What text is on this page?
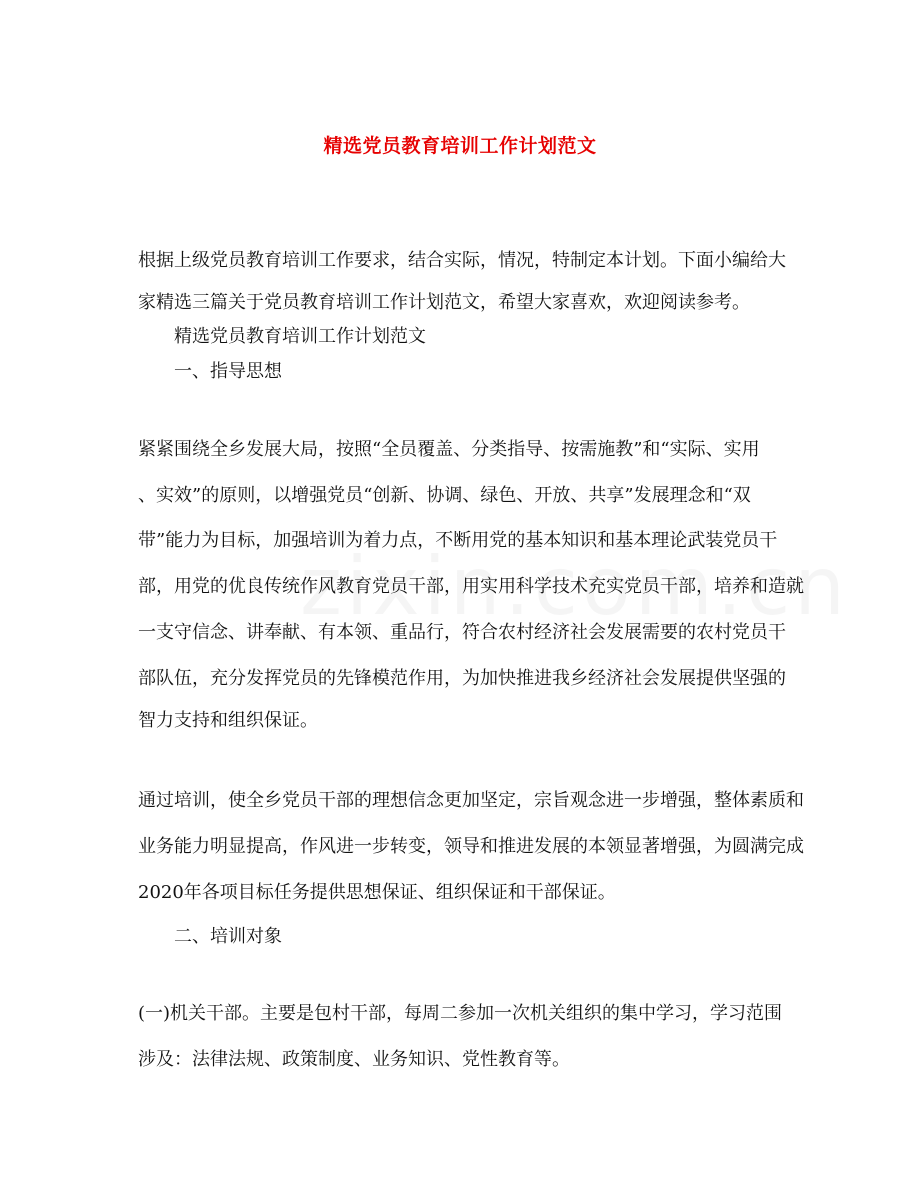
精选党员教育培训工作计划范文
根据上级党员教育培训工作要求，结合实际，情况，特制定本计划。下面小编给大
家精选三篇关于党员教育培训工作计划范文，希望大家喜欢，欢迎阅读参考。
精选党员教育培训工作计划范文
一、指导思想
紧紧围绕全乡发展大局，按照“全员覆盖、分类指导、按需施教”和“实际、实用
、实效”的原则，以增强党员“创新、协调、绿色、开放、共享”发展理念和“双
带”能力为目标，加强培训为着力点，不断用党的基本知识和基本理论武装党员干
部，用党的优良传统作风教育党员干部，用实用科学技术充实党员干部，培养和造就
一支守信念、讲奉献、有本领、重品行，符合农村经济社会发展需要的农村党员干
部队伍，充分发挥党员的先锋模范作用，为加快推进我乡经济社会发展提供坚强的
智力支持和组织保证。
通过培训，使全乡党员干部的理想信念更加坚定，宗旨观念进一步增强，整体素质和
业务能力明显提高，作风进一步转变，领导和推进发展的本领显著增强，为圆满完成
2020年各项目标任务提供思想保证、组织保证和干部保证。
二、培训对象
(一)机关干部。主要是包村干部，每周二参加一次机关组织的集中学习，学习范围
涉及：法律法规、政策制度、业务知识、党性教育等。
